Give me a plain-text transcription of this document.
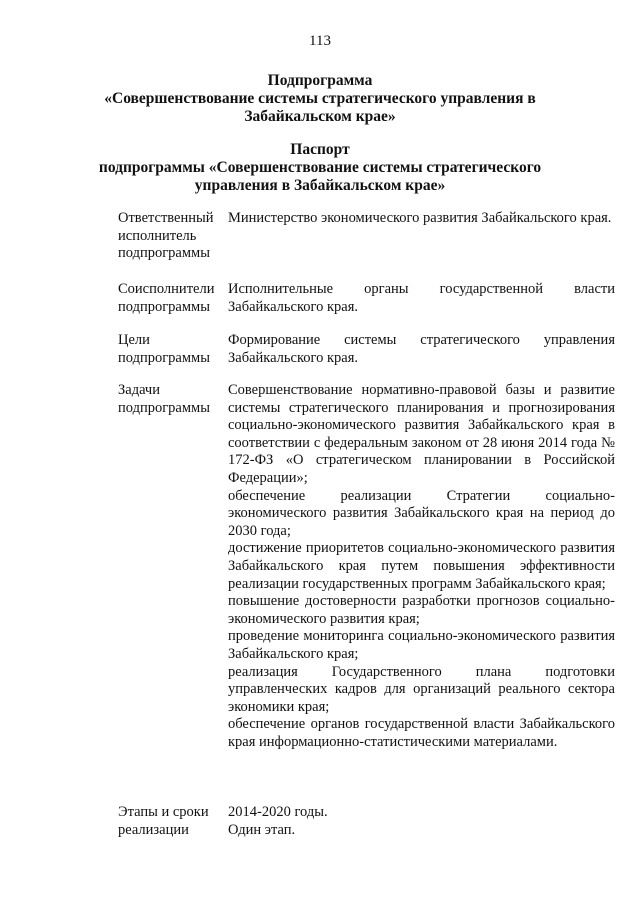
113
Подпрограмма
«Совершенствование системы стратегического управления в
Забайкальском крае»
Паспорт
подпрограммы «Совершенствование системы стратегического
управления в Забайкальском крае»
Ответственный
исполнитель
подпрограммы
Министерство экономического развития Забайкальского края.
Соисполнители
подпрограммы
Исполнительные органы государственной власти Забайкальского края.
Цели
подпрограммы
Формирование системы стратегического управления Забайкальского края.
Задачи
подпрограммы
Совершенствование нормативно-правовой базы и развитие системы стратегического планирования и прогнозирования социально-экономического развития Забайкальского края в соответствии с федеральным законом от 28 июня 2014 года № 172-ФЗ «О стратегическом планировании в Российской Федерации»;
обеспечение реализации Стратегии социально-экономического развития Забайкальского края на период до 2030 года;
достижение приоритетов социально-экономического развития Забайкальского края путем повышения эффективности реализации государственных программ Забайкальского края;
повышение достоверности разработки прогнозов социально-экономического развития края;
проведение мониторинга социально-экономического развития Забайкальского края;
реализация Государственного плана подготовки управленческих кадров для организаций реального сектора экономики края;
обеспечение органов государственной власти Забайкальского края информационно-статистическими материалами.
Этапы и сроки
реализации
2014-2020 годы.
Один этап.
